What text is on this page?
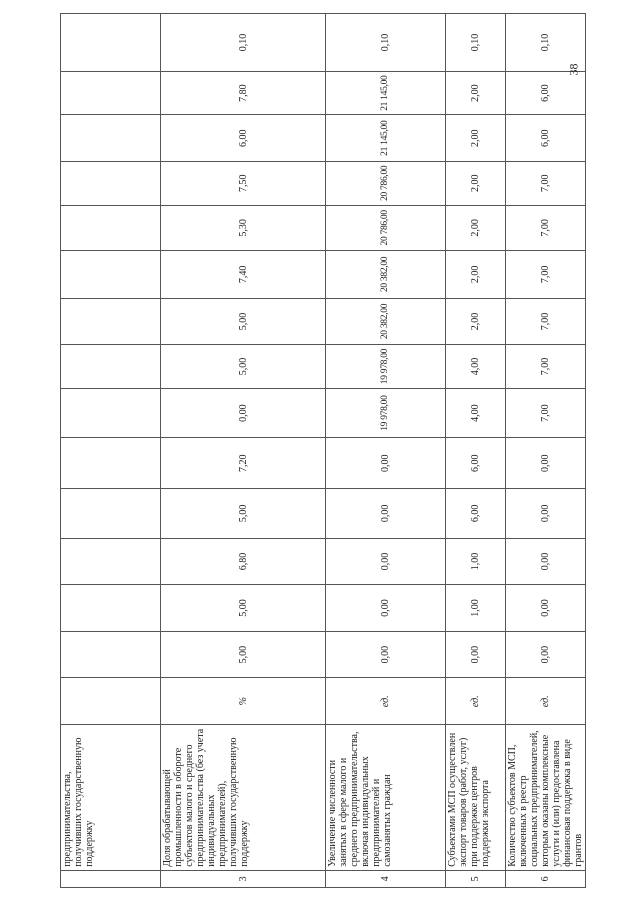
	предпринимательства, получивших государственную поддержку															
3	Доля обрабатывающей промышленности в обороте субъектов малого и среднего предпринимательства (без учета индивидуальных предпринимателей), получивших государственную поддержку	%	5,00	5,00	6,80	5,00	7,20	0,00	5,00	5,00	7,40	5,30	7,50	6,00	7,80	0,10
4	Увеличение численности занятых в сфере малого и среднего предпринимательства, включая индивидуальных предпринимателей и самозанятых граждан	ед.	0,00	0,00	0,00	0,00	0,00	19 978,00	19 978,00	20 382,00	20 382,00	20 786,00	20 786,00	21 145,00	21 145,00	0,10
5	Субъектами МСП осуществлен экспорт товаров (работ, услуг) при поддержке центров поддержки экспорта	ед.	0,00	1,00	1,00	6,00	6,00	4,00	4,00	2,00	2,00	2,00	2,00	2,00	2,00	0,10
6	Количество субъектов МСП, включенных в реестр социальных предпринимателей, которым оказаны комплексные услуги и (или) предоставлена финансовая поддержка в виде грантов	ед.	0,00	0,00	0,00	0,00	0,00	7,00	7,00	7,00	7,00	7,00	7,00	6,00	6,00	0,10
38
